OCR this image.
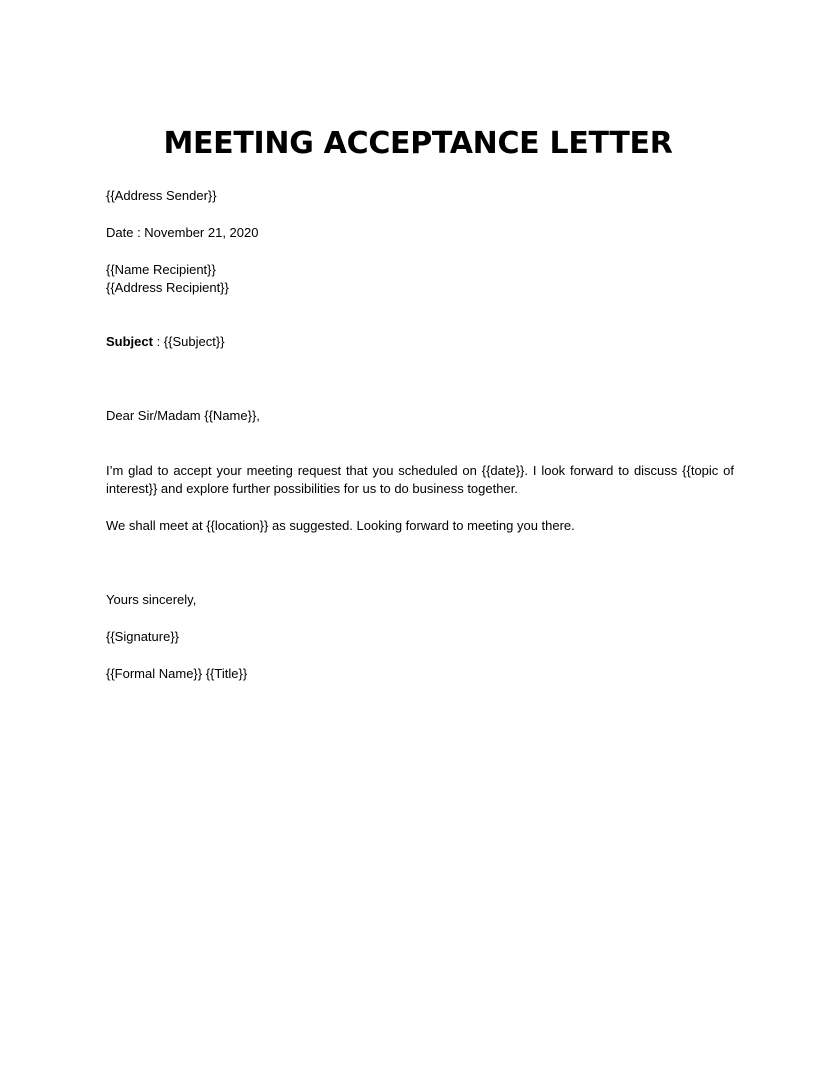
MEETING ACCEPTANCE LETTER
{{Address Sender}}
Date : November 21, 2020
{{Name Recipient}}
{{Address Recipient}}
Subject : {{Subject}}
Dear Sir/Madam {{Name}},
I’m glad to accept your meeting request that you scheduled on {{date}}. I look forward to discuss {{topic of interest}} and explore further possibilities for us to do business together.
We shall meet at {{location}} as suggested. Looking forward to meeting you there.
Yours sincerely,
{{Signature}}
{{Formal Name}} {{Title}}
